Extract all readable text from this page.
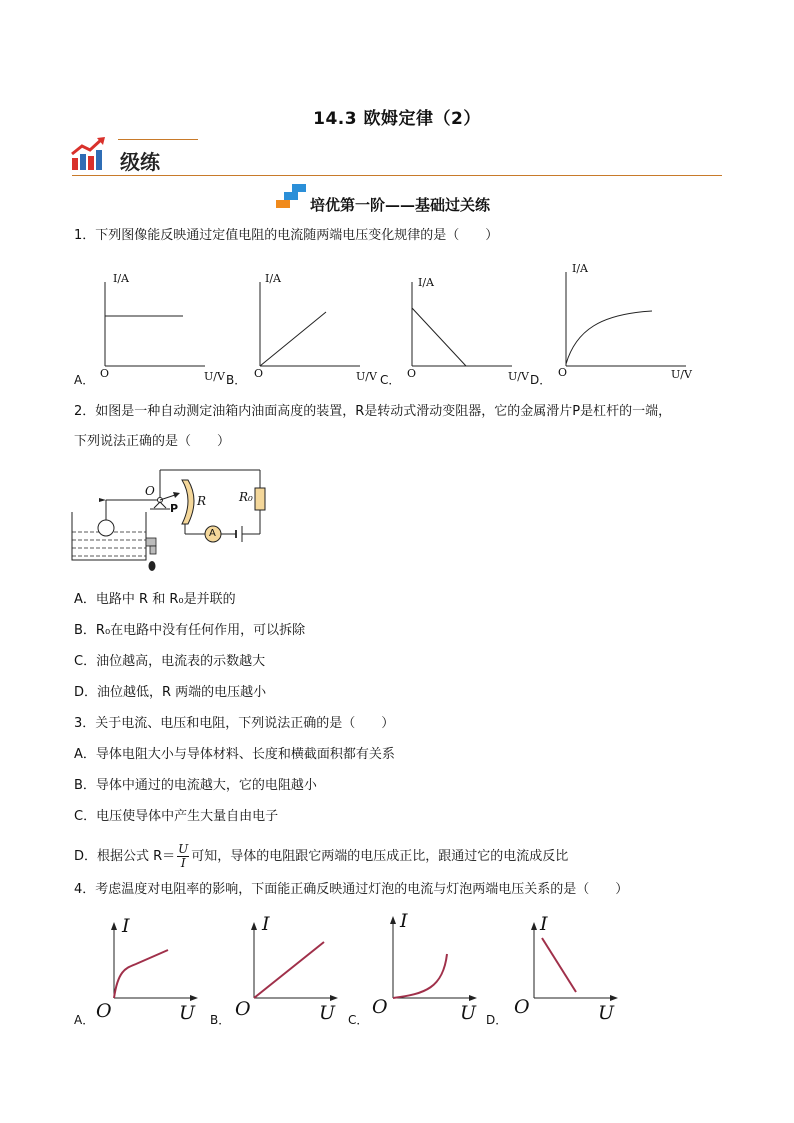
14.3 欧姆定律（2）
级练
培优第一阶——基础过关练
1．下列图像能反映通过定值电阻的电流随两端电压变化规律的是（　　）
I/A
O	U/V
A．
I/A
O	U/V
B．
I/A
O	U/V
C．
I/A
O	U/V
D．
2．如图是一种自动测定油箱内油面高度的装置，R是转动式滑动变阻器，它的金属滑片P是杠杆的一端，
下列说法正确的是（　　）
O
P
R	R₀
A
A．电路中 R 和 R₀是并联的
B．R₀在电路中没有任何作用，可以拆除
C．油位越高，电流表的示数越大
D．油位越低，R 两端的电压越小
3．关于电流、电压和电阻，下列说法正确的是（　　）
A．导体电阻大小与导体材料、长度和横截面积都有关系
B．导体中通过的电流越大，它的电阻越小
C．电压使导体中产生大量自由电子
D．根据公式 R＝ U
I 可知，导体的电阻跟它两端的电压成正比，跟通过它的电流成反比
4．考虑温度对电阻率的影响，下面能正确反映通过灯泡的电流与灯泡两端电压关系的是（　　）
I
O	U
A．
I
O	U
B．
I
O	U
C．
I
O	U
D．
